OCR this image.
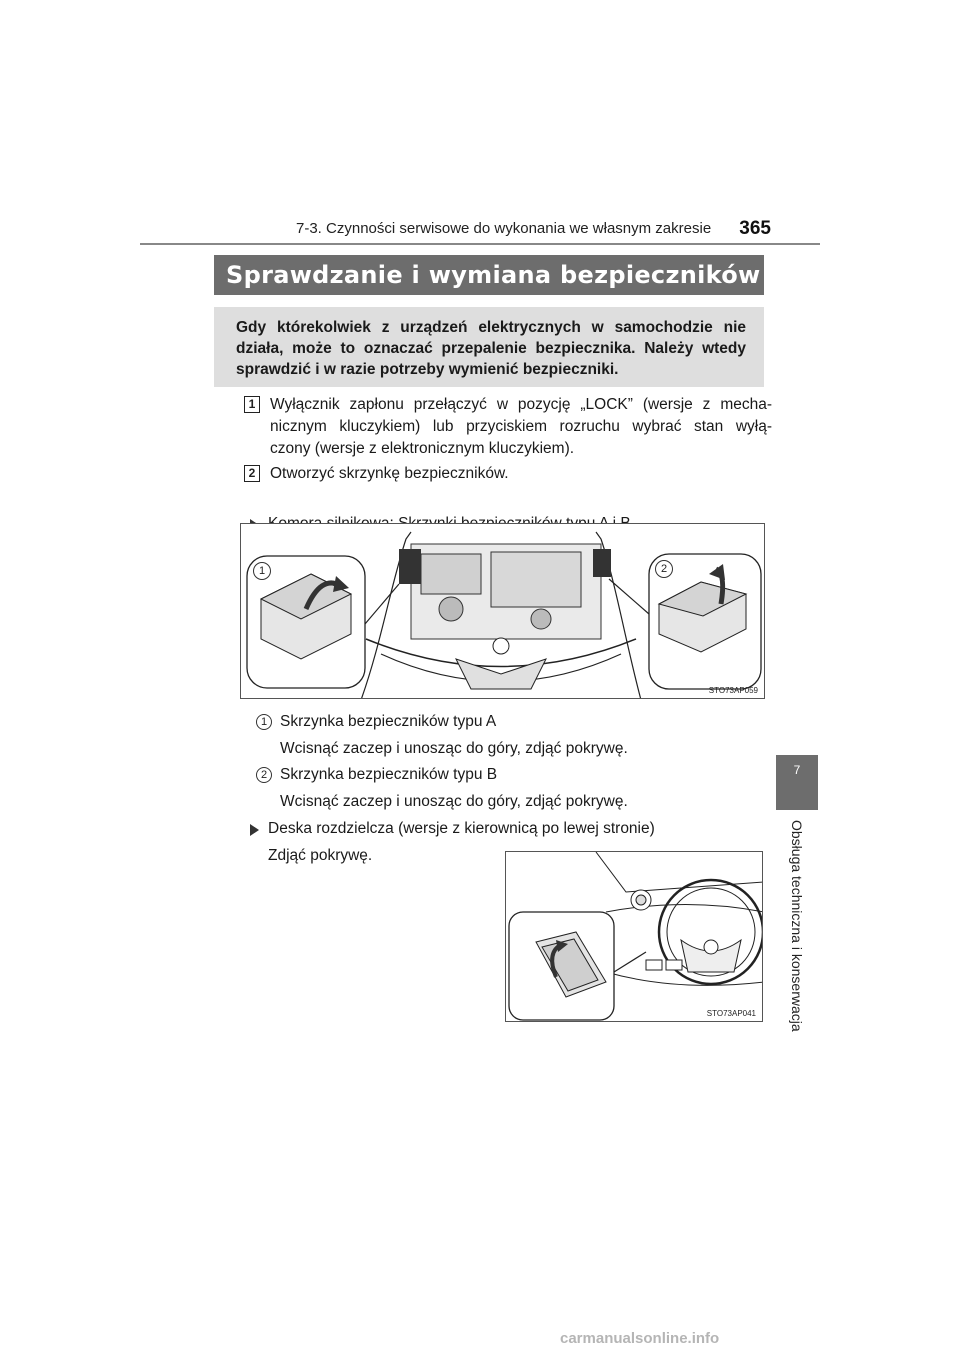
7-3. Czynności serwisowe do wykonania we własnym zakresie 365
Sprawdzanie i wymiana bezpieczników

Gdy którekolwiek z urządzeń elektrycznych w samochodzie nie działa, może to oznaczać przepalenie bezpiecznika. Należy wtedy sprawdzić i w razie potrzeby wymienić bezpieczniki.

1 Wyłącznik zapłonu przełączyć w pozycję „LOCK” (wersje z mecha-
nicznym kluczykiem) lub przyciskiem rozruchu wybrać stan wyłą-
czony (wersje z elektronicznym kluczykiem).
2 Otworzyć skrzynkę bezpieczników.
1	2
STO73AP059
1 Skrzynka bezpieczników typu A
Wcisnąć zaczep i unosząc do góry, zdjąć pokrywę.
2 Skrzynka bezpieczników typu B
Wcisnąć zaczep i unosząc do góry, zdjąć pokrywę.
Deska rozdzielcza (wersje z kierownicą po lewej stronie)
Zdjąć pokrywę.
STO73AP041
7
Obsługa techniczna i konserwacja
carmanualsonline.info
